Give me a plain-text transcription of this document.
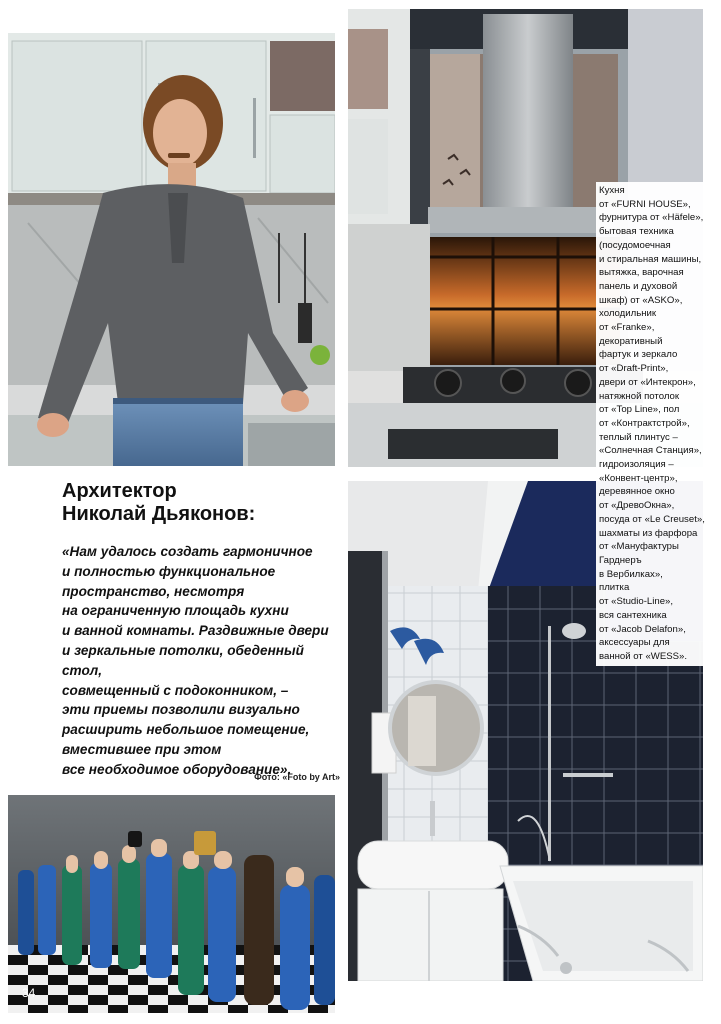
Архитектор
Николай Дьяконов:
«Нам удалось создать гармоничное
и полностью функциональное
пространство, несмотря
на ограниченную площадь кухни
и ванной комнаты. Раздвижные двери
и зеркальные потолки, обеденный стол,
совмещенный с подоконником, –
эти приемы позволили визуально
расширить небольшое помещение,
вместившее при этом
все необходимое оборудование».
Фото: «Foto by Art»
34
Кухня
от «FURNI HOUSE»,
фурнитура от «Häfele»,
бытовая техника
(посудомоечная
и стиральная машины,
вытяжка, варочная
панель и духовой
шкаф) от «ASKO»,
холодильник
от «Franke»,
декоративный
фартук и зеркало
от «Draft-Print»,
двери от «Интекрон»,
натяжной потолок
от «Top Line», пол
от «Контрактстрой»,
теплый плинтус –
«Солнечная Станция»,
гидроизоляция –
«Конвент-центр»,
деревянное окно
от «ДревоОкна»,
посуда от «Le Creuset»,
шахматы из фарфора
от «Мануфактуры
Гарднеръ
в Вербилках»,
плитка
от «Studio-Line»,
вся сантехника
от «Jacob Delafon»,
аксессуары для
ванной от «WESS».
